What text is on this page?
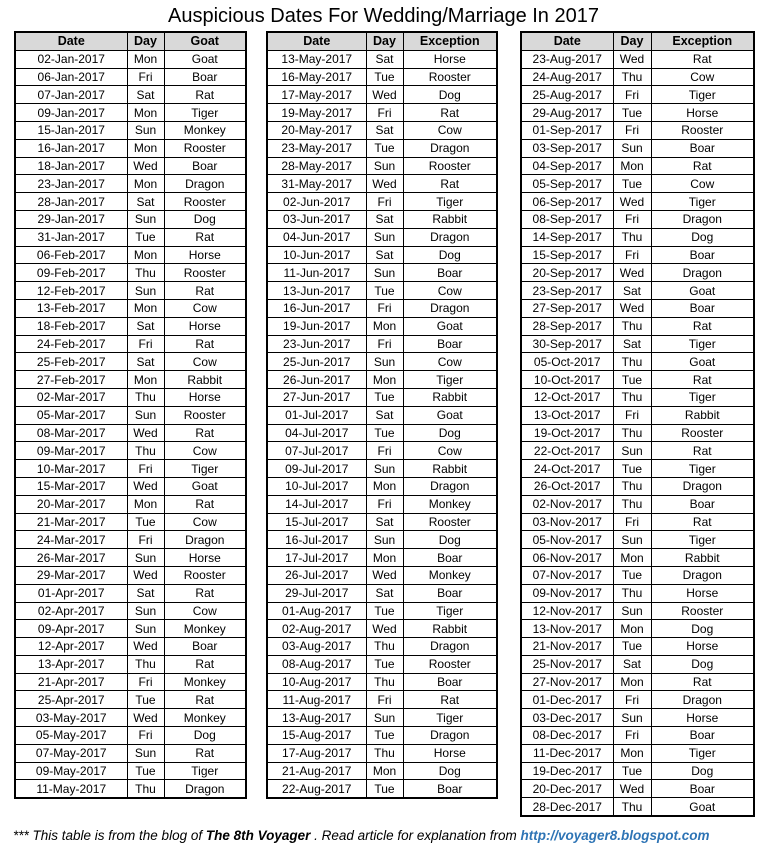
Auspicious Dates For Wedding/Marriage In 2017
Date	Day	Goat
02-Jan-2017	Mon	Goat
06-Jan-2017	Fri	Boar
07-Jan-2017	Sat	Rat
09-Jan-2017	Mon	Tiger
15-Jan-2017	Sun	Monkey
16-Jan-2017	Mon	Rooster
18-Jan-2017	Wed	Boar
23-Jan-2017	Mon	Dragon
28-Jan-2017	Sat	Rooster
29-Jan-2017	Sun	Dog
31-Jan-2017	Tue	Rat
06-Feb-2017	Mon	Horse
09-Feb-2017	Thu	Rooster
12-Feb-2017	Sun	Rat
13-Feb-2017	Mon	Cow
18-Feb-2017	Sat	Horse
24-Feb-2017	Fri	Rat
25-Feb-2017	Sat	Cow
27-Feb-2017	Mon	Rabbit
02-Mar-2017	Thu	Horse
05-Mar-2017	Sun	Rooster
08-Mar-2017	Wed	Rat
09-Mar-2017	Thu	Cow
10-Mar-2017	Fri	Tiger
15-Mar-2017	Wed	Goat
20-Mar-2017	Mon	Rat
21-Mar-2017	Tue	Cow
24-Mar-2017	Fri	Dragon
26-Mar-2017	Sun	Horse
29-Mar-2017	Wed	Rooster
01-Apr-2017	Sat	Rat
02-Apr-2017	Sun	Cow
09-Apr-2017	Sun	Monkey
12-Apr-2017	Wed	Boar
13-Apr-2017	Thu	Rat
21-Apr-2017	Fri	Monkey
25-Apr-2017	Tue	Rat
03-May-2017	Wed	Monkey
05-May-2017	Fri	Dog
07-May-2017	Sun	Rat
09-May-2017	Tue	Tiger
11-May-2017	Thu	Dragon
Date	Day	Exception
13-May-2017	Sat	Horse
16-May-2017	Tue	Rooster
17-May-2017	Wed	Dog
19-May-2017	Fri	Rat
20-May-2017	Sat	Cow
23-May-2017	Tue	Dragon
28-May-2017	Sun	Rooster
31-May-2017	Wed	Rat
02-Jun-2017	Fri	Tiger
03-Jun-2017	Sat	Rabbit
04-Jun-2017	Sun	Dragon
10-Jun-2017	Sat	Dog
11-Jun-2017	Sun	Boar
13-Jun-2017	Tue	Cow
16-Jun-2017	Fri	Dragon
19-Jun-2017	Mon	Goat
23-Jun-2017	Fri	Boar
25-Jun-2017	Sun	Cow
26-Jun-2017	Mon	Tiger
27-Jun-2017	Tue	Rabbit
01-Jul-2017	Sat	Goat
04-Jul-2017	Tue	Dog
07-Jul-2017	Fri	Cow
09-Jul-2017	Sun	Rabbit
10-Jul-2017	Mon	Dragon
14-Jul-2017	Fri	Monkey
15-Jul-2017	Sat	Rooster
16-Jul-2017	Sun	Dog
17-Jul-2017	Mon	Boar
26-Jul-2017	Wed	Monkey
29-Jul-2017	Sat	Boar
01-Aug-2017	Tue	Tiger
02-Aug-2017	Wed	Rabbit
03-Aug-2017	Thu	Dragon
08-Aug-2017	Tue	Rooster
10-Aug-2017	Thu	Boar
11-Aug-2017	Fri	Rat
13-Aug-2017	Sun	Tiger
15-Aug-2017	Tue	Dragon
17-Aug-2017	Thu	Horse
21-Aug-2017	Mon	Dog
22-Aug-2017	Tue	Boar
Date	Day	Exception
23-Aug-2017	Wed	Rat
24-Aug-2017	Thu	Cow
25-Aug-2017	Fri	Tiger
29-Aug-2017	Tue	Horse
01-Sep-2017	Fri	Rooster
03-Sep-2017	Sun	Boar
04-Sep-2017	Mon	Rat
05-Sep-2017	Tue	Cow
06-Sep-2017	Wed	Tiger
08-Sep-2017	Fri	Dragon
14-Sep-2017	Thu	Dog
15-Sep-2017	Fri	Boar
20-Sep-2017	Wed	Dragon
23-Sep-2017	Sat	Goat
27-Sep-2017	Wed	Boar
28-Sep-2017	Thu	Rat
30-Sep-2017	Sat	Tiger
05-Oct-2017	Thu	Goat
10-Oct-2017	Tue	Rat
12-Oct-2017	Thu	Tiger
13-Oct-2017	Fri	Rabbit
19-Oct-2017	Thu	Rooster
22-Oct-2017	Sun	Rat
24-Oct-2017	Tue	Tiger
26-Oct-2017	Thu	Dragon
02-Nov-2017	Thu	Boar
03-Nov-2017	Fri	Rat
05-Nov-2017	Sun	Tiger
06-Nov-2017	Mon	Rabbit
07-Nov-2017	Tue	Dragon
09-Nov-2017	Thu	Horse
12-Nov-2017	Sun	Rooster
13-Nov-2017	Mon	Dog
21-Nov-2017	Tue	Horse
25-Nov-2017	Sat	Dog
27-Nov-2017	Mon	Rat
01-Dec-2017	Fri	Dragon
03-Dec-2017	Sun	Horse
08-Dec-2017	Fri	Boar
11-Dec-2017	Mon	Tiger
19-Dec-2017	Tue	Dog
20-Dec-2017	Wed	Boar
28-Dec-2017	Thu	Goat
*** This table is from the blog of The 8th Voyager . Read article for explanation from http://voyager8.blogspot.com
